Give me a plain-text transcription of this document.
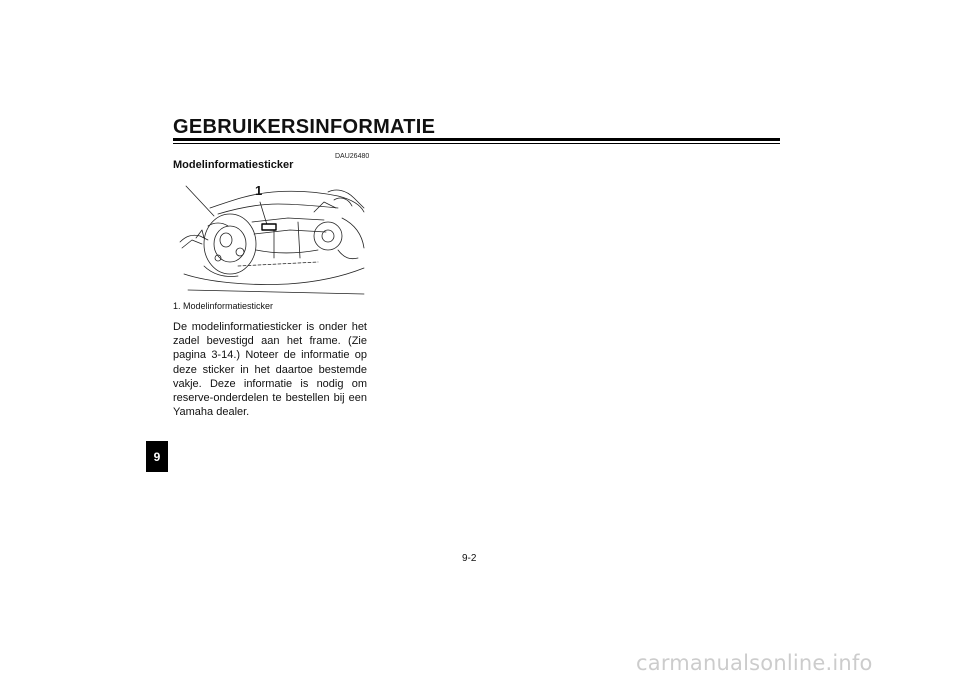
GEBRUIKERSINFORMATIE
DAU26480
Modelinformatiesticker
1
1. Modelinformatiesticker

De modelinformatiesticker is onder het zadel bevestigd aan het frame. (Zie pagina 3-14.) Noteer de informatie op deze sticker in het daartoe bestemde vakje. Deze informatie is nodig om reserve-onderdelen te bestellen bij een Yamaha dealer.

9
9-2
carmanualsonline.info
